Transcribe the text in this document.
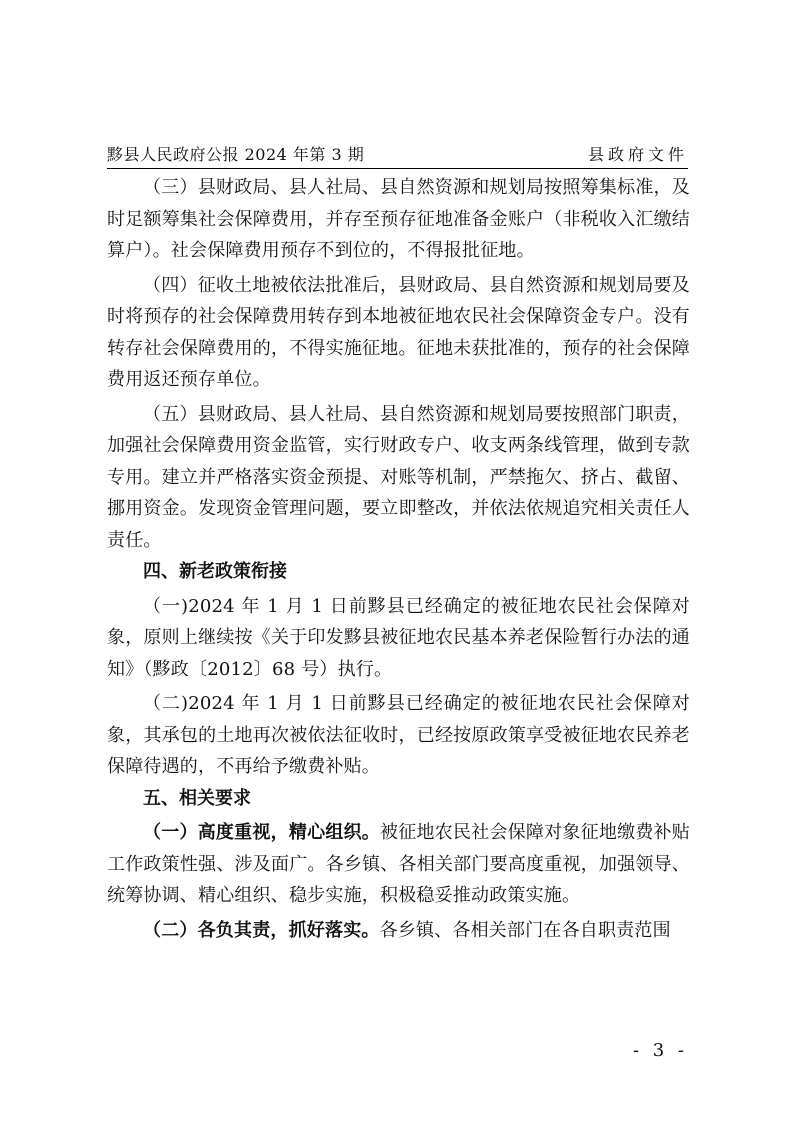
黟县人民政府公报 2024 年第 3 期	县政府文件

（三）县财政局、县人社局、县自然资源和规划局按照筹集标准，及时足额筹集社会保障费用，并存至预存征地准备金账户（非税收入汇缴结算户）。社会保障费用预存不到位的，不得报批征地。

（四）征收土地被依法批准后，县财政局、县自然资源和规划局要及时将预存的社会保障费用转存到本地被征地农民社会保障资金专户。没有转存社会保障费用的，不得实施征地。征地未获批准的，预存的社会保障费用返还预存单位。

（五）县财政局、县人社局、县自然资源和规划局要按照部门职责，加强社会保障费用资金监管，实行财政专户、收支两条线管理，做到专款专用。建立并严格落实资金预提、对账等机制，严禁拖欠、挤占、截留、挪用资金。发现资金管理问题，要立即整改，并依法依规追究相关责任人责任。

四、新老政策衔接

（一)2024 年 1 月 1 日前黟县已经确定的被征地农民社会保障对象，原则上继续按《关于印发黟县被征地农民基本养老保险暂行办法的通知》（黟政〔2012〕68 号）执行。

（二)2024 年 1 月 1 日前黟县已经确定的被征地农民社会保障对象，其承包的土地再次被依法征收时，已经按原政策享受被征地农民养老保障待遇的，不再给予缴费补贴。

五、相关要求

（一）高度重视，精心组织。被征地农民社会保障对象征地缴费补贴工作政策性强、涉及面广。各乡镇、各相关部门要高度重视，加强领导、统筹协调、精心组织、稳步实施，积极稳妥推动政策实施。

（二）各负其责，抓好落实。各乡镇、各相关部门在各自职责范围

- 3 -
